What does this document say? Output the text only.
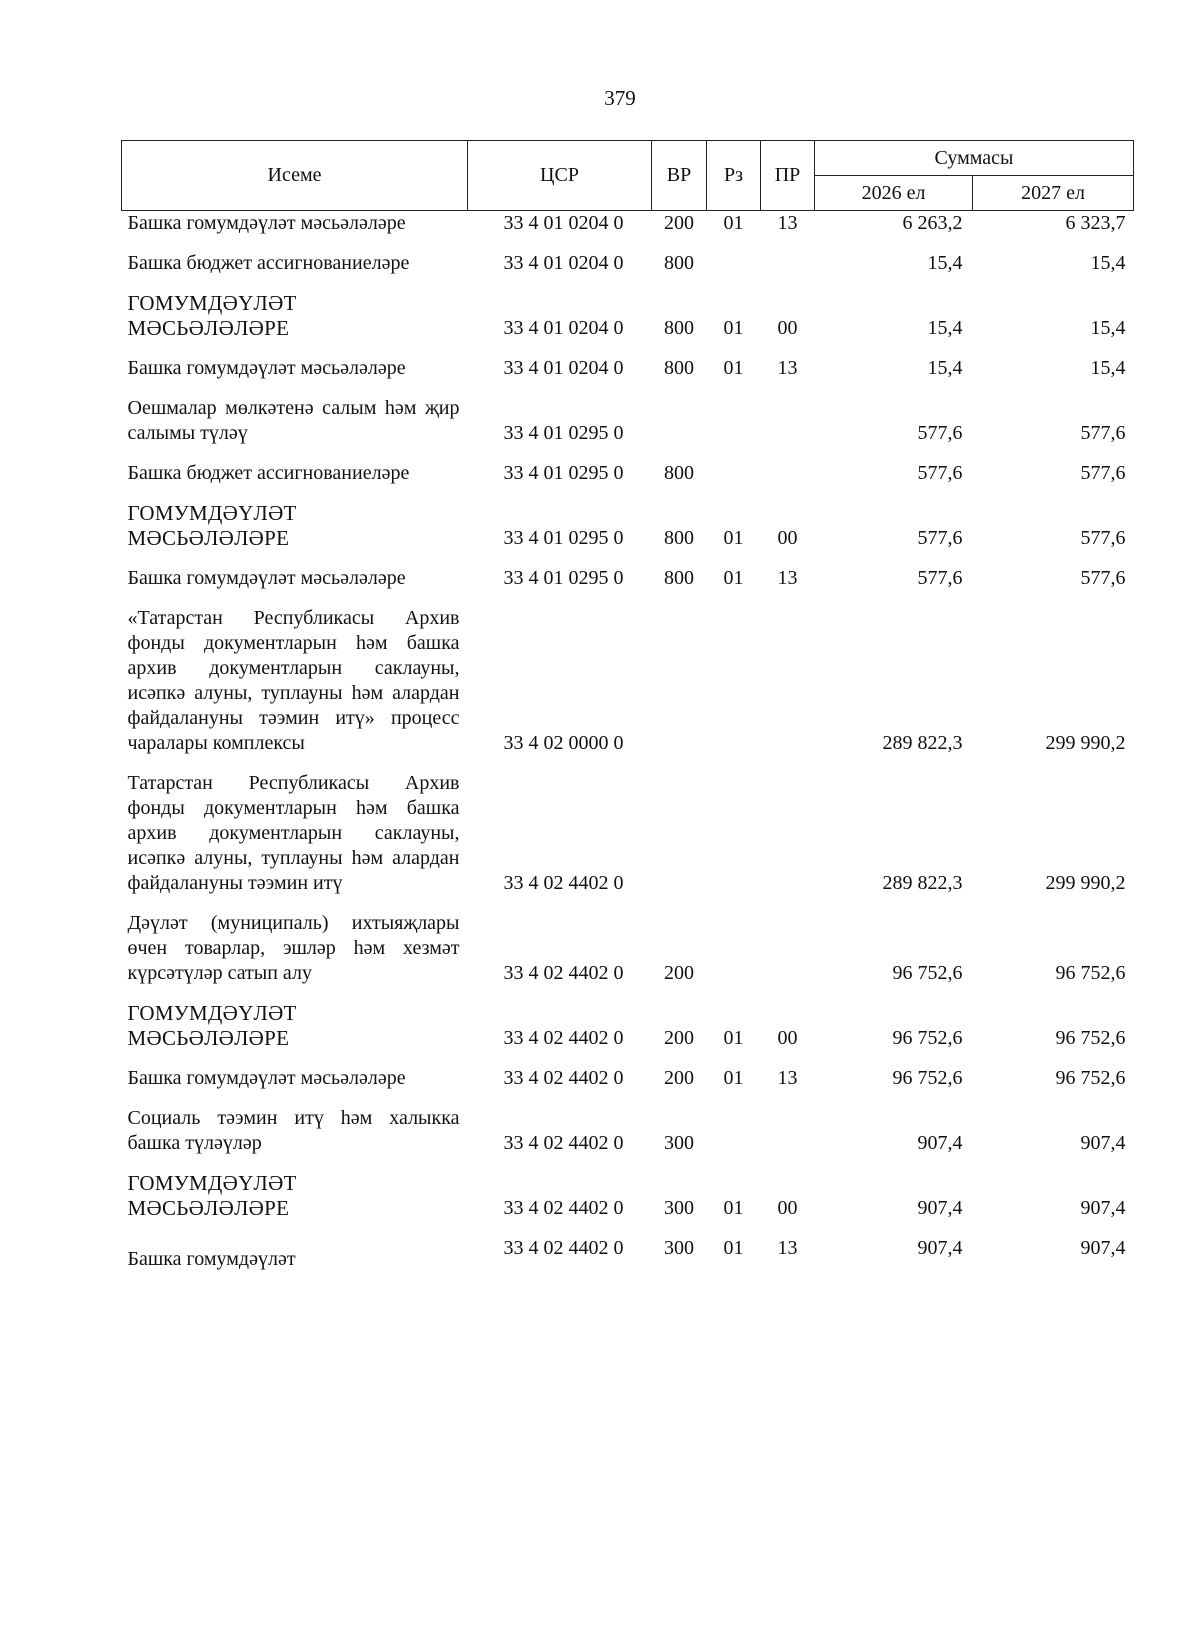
379
Исеме	ЦСР	ВР	Рз	ПР	Суммасы	
					2026 ел	2027 ел
Башка гомумдәүләт мәсьәләләре	33 4 01 0204 0	200	01	13	6 263,2	6 323,7
Башка бюджет ассигнованиеләре	33 4 01 0204 0	800			15,4	15,4
ГОМУМДӘҮЛӘТ МӘСЬӘЛӘЛӘРЕ	33 4 01 0204 0	800	01	00	15,4	15,4
Башка гомумдәүләт мәсьәләләре	33 4 01 0204 0	800	01	13	15,4	15,4
Оешмалар мөлкәтенә салым һәм җир салымы түләү	33 4 01 0295 0				577,6	577,6
Башка бюджет ассигнованиеләре	33 4 01 0295 0	800			577,6	577,6
ГОМУМДӘҮЛӘТ МӘСЬӘЛӘЛӘРЕ	33 4 01 0295 0	800	01	00	577,6	577,6
Башка гомумдәүләт мәсьәләләре	33 4 01 0295 0	800	01	13	577,6	577,6
«Татарстан Республикасы Архив фонды документларын һәм башка архив документларын саклауны, исәпкә алуны, туплауны һәм алардан файдалануны тәэмин итү» процесс чаралары комплексы	33 4 02 0000 0				289 822,3	299 990,2
Татарстан Республикасы Архив фонды документларын һәм башка архив документларын саклауны, исәпкә алуны, туплауны һәм алардан файдалануны тәэмин итү	33 4 02 4402 0				289 822,3	299 990,2
Дәүләт (муниципаль) ихтыяҗлары өчен товарлар, эшләр һәм хезмәт күрсәтүләр сатып алу	33 4 02 4402 0	200			96 752,6	96 752,6
ГОМУМДӘҮЛӘТ МӘСЬӘЛӘЛӘРЕ	33 4 02 4402 0	200	01	00	96 752,6	96 752,6
Башка гомумдәүләт мәсьәләләре	33 4 02 4402 0	200	01	13	96 752,6	96 752,6
Социаль тәэмин итү һәм халыкка башка түләүләр	33 4 02 4402 0	300			907,4	907,4
ГОМУМДӘҮЛӘТ МӘСЬӘЛӘЛӘРЕ	33 4 02 4402 0	300	01	00	907,4	907,4
Башка гомумдәүләт	33 4 02 4402 0	300	01	13	907,4	907,4
